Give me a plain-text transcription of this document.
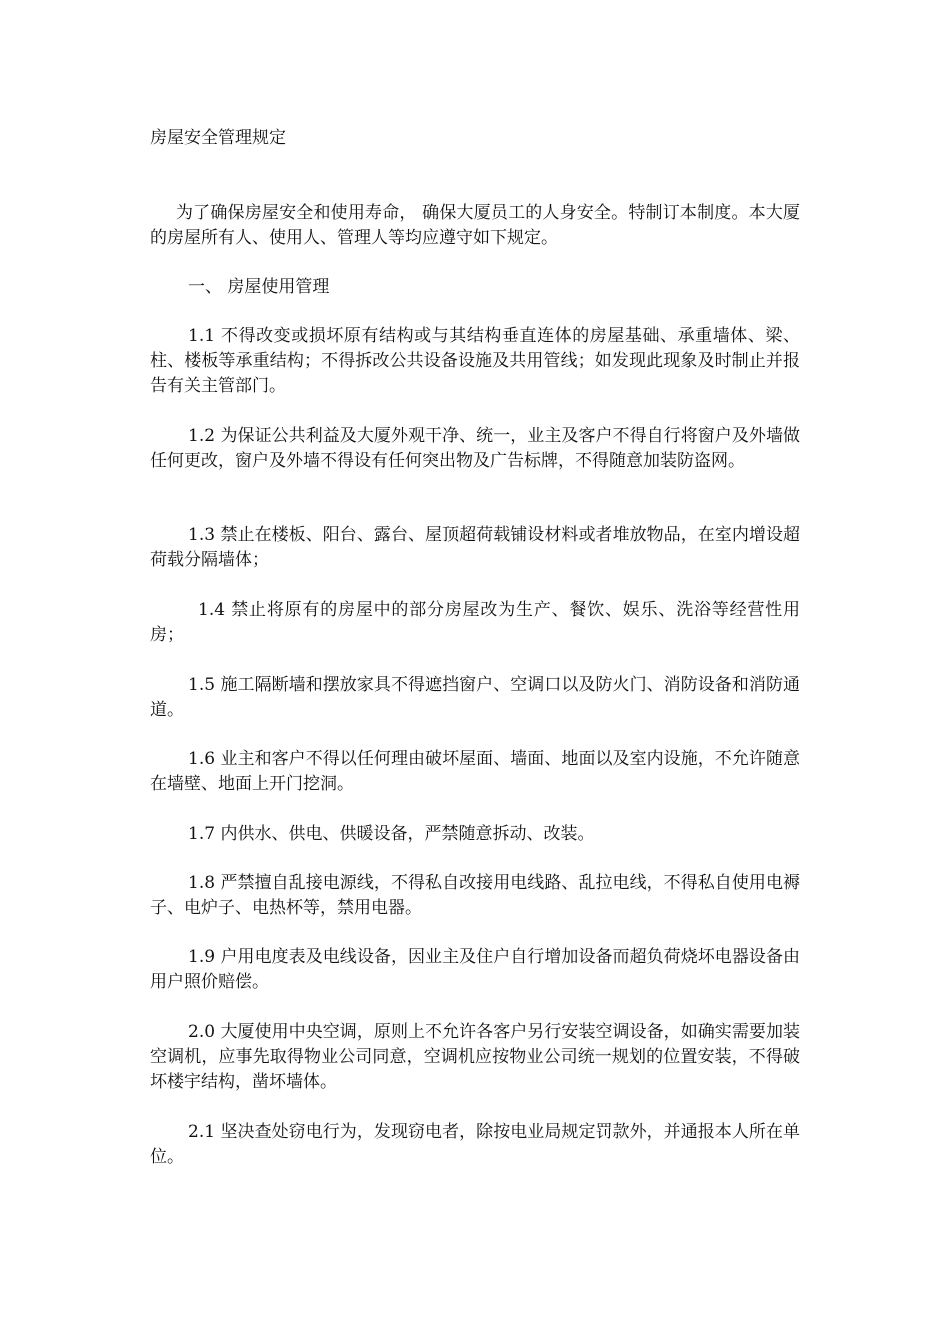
房屋安全管理规定

为了确保房屋安全和使用寿命， 确保大厦员工的人身安全。特制订本制度。本大厦的房屋所有人、使用人、管理人等均应遵守如下规定。

一、 房屋使用管理

1.1 不得改变或损坏原有结构或与其结构垂直连体的房屋基础、承重墙体、梁、柱、楼板等承重结构；不得拆改公共设备设施及共用管线；如发现此现象及时制止并报告有关主管部门。

1.2 为保证公共利益及大厦外观干净、统一，业主及客户不得自行将窗户及外墙做任何更改，窗户及外墙不得设有任何突出物及广告标牌，不得随意加装防盗网。

1.3 禁止在楼板、阳台、露台、屋顶超荷载铺设材料或者堆放物品，在室内增设超荷载分隔墙体；

1.4 禁止将原有的房屋中的部分房屋改为生产、餐饮、娱乐、洗浴等经营性用房；

1.5 施工隔断墙和摆放家具不得遮挡窗户、空调口以及防火门、消防设备和消防通道。

1.6 业主和客户不得以任何理由破坏屋面、墙面、地面以及室内设施，不允许随意在墙壁、地面上开门挖洞。

1.7 内供水、供电、供暖设备，严禁随意拆动、改装。

1.8 严禁擅自乱接电源线，不得私自改接用电线路、乱拉电线，不得私自使用电褥子、电炉子、电热杯等，禁用电器。

1.9 户用电度表及电线设备，因业主及住户自行增加设备而超负荷烧坏电器设备由用户照价赔偿。

2.0 大厦使用中央空调，原则上不允许各客户另行安装空调设备，如确实需要加装空调机，应事先取得物业公司同意，空调机应按物业公司统一规划的位置安装，不得破坏楼宇结构，凿坏墙体。

2.1 坚决查处窃电行为，发现窃电者，除按电业局规定罚款外，并通报本人所在单位。
